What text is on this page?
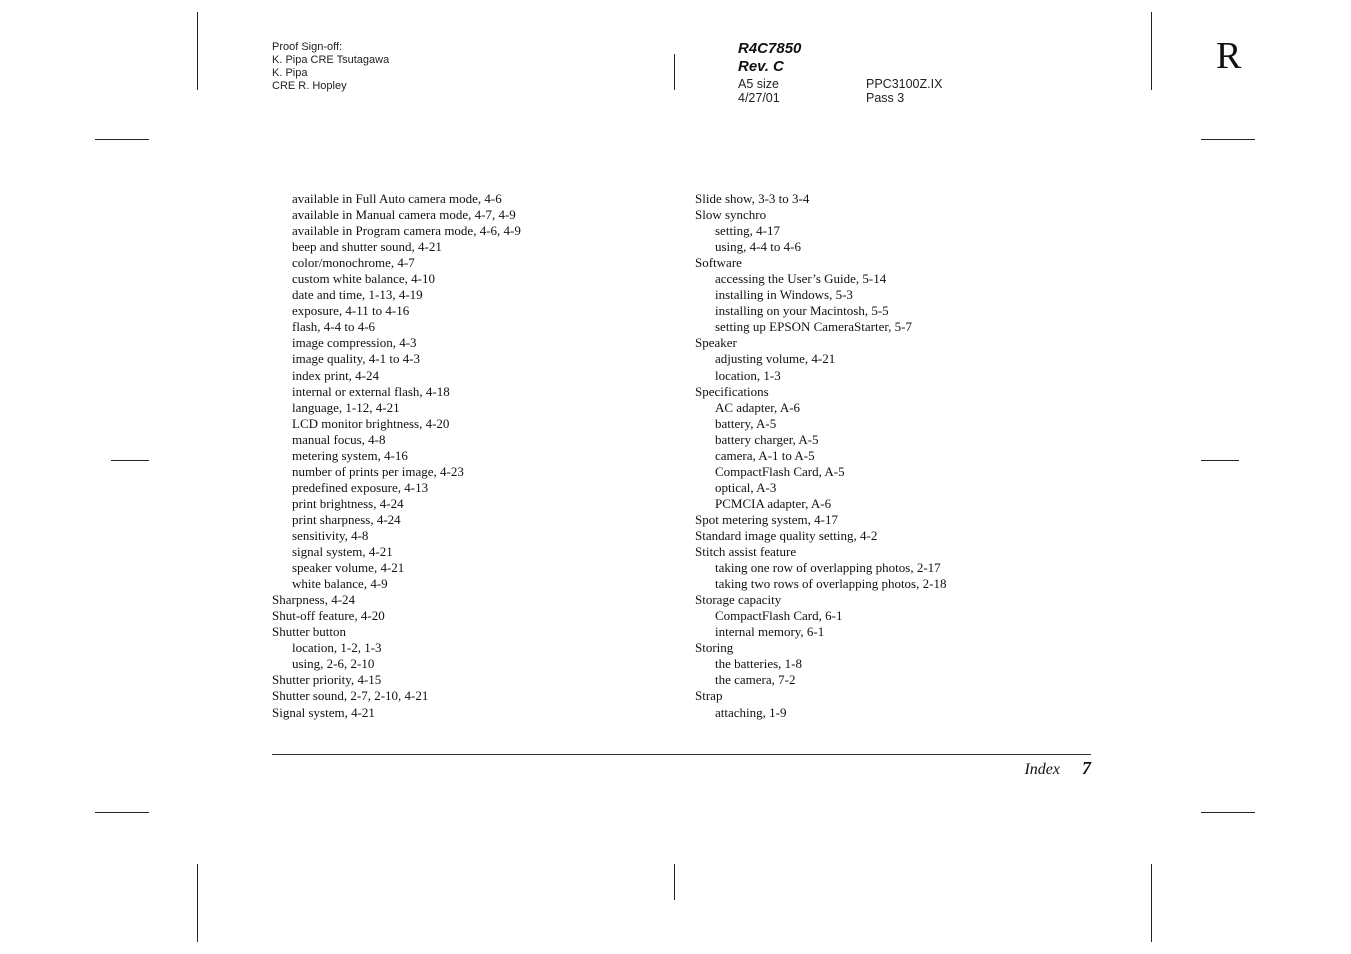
Proof Sign-off:
K. Pipa CRE Tsutagawa
K. Pipa
CRE R. Hopley
R4C7850
Rev. C
A5 size
4/27/01
PPC3100Z.IX
Pass 3
R
available in Full Auto camera mode, 4-6
available in Manual camera mode, 4-7, 4-9
available in Program camera mode, 4-6, 4-9
beep and shutter sound, 4-21
color/monochrome, 4-7
custom white balance, 4-10
date and time, 1-13, 4-19
exposure, 4-11 to 4-16
flash, 4-4 to 4-6
image compression, 4-3
image quality, 4-1 to 4-3
index print, 4-24
internal or external flash, 4-18
language, 1-12, 4-21
LCD monitor brightness, 4-20
manual focus, 4-8
metering system, 4-16
number of prints per image, 4-23
predefined exposure, 4-13
print brightness, 4-24
print sharpness, 4-24
sensitivity, 4-8
signal system, 4-21
speaker volume, 4-21
white balance, 4-9
Sharpness, 4-24
Shut-off feature, 4-20
Shutter button
location, 1-2, 1-3
using, 2-6, 2-10
Shutter priority, 4-15
Shutter sound, 2-7, 2-10, 4-21
Signal system, 4-21
Slide show, 3-3 to 3-4
Slow synchro
setting, 4-17
using, 4-4 to 4-6
Software
accessing the User’s Guide, 5-14
installing in Windows, 5-3
installing on your Macintosh, 5-5
setting up EPSON CameraStarter, 5-7
Speaker
adjusting volume, 4-21
location, 1-3
Specifications
AC adapter, A-6
battery, A-5
battery charger, A-5
camera, A-1 to A-5
CompactFlash Card, A-5
optical, A-3
PCMCIA adapter, A-6
Spot metering system, 4-17
Standard image quality setting, 4-2
Stitch assist feature
taking one row of overlapping photos, 2-17
taking two rows of overlapping photos, 2-18
Storage capacity
CompactFlash Card, 6-1
internal memory, 6-1
Storing
the batteries, 1-8
the camera, 7-2
Strap
attaching, 1-9
Index 7
